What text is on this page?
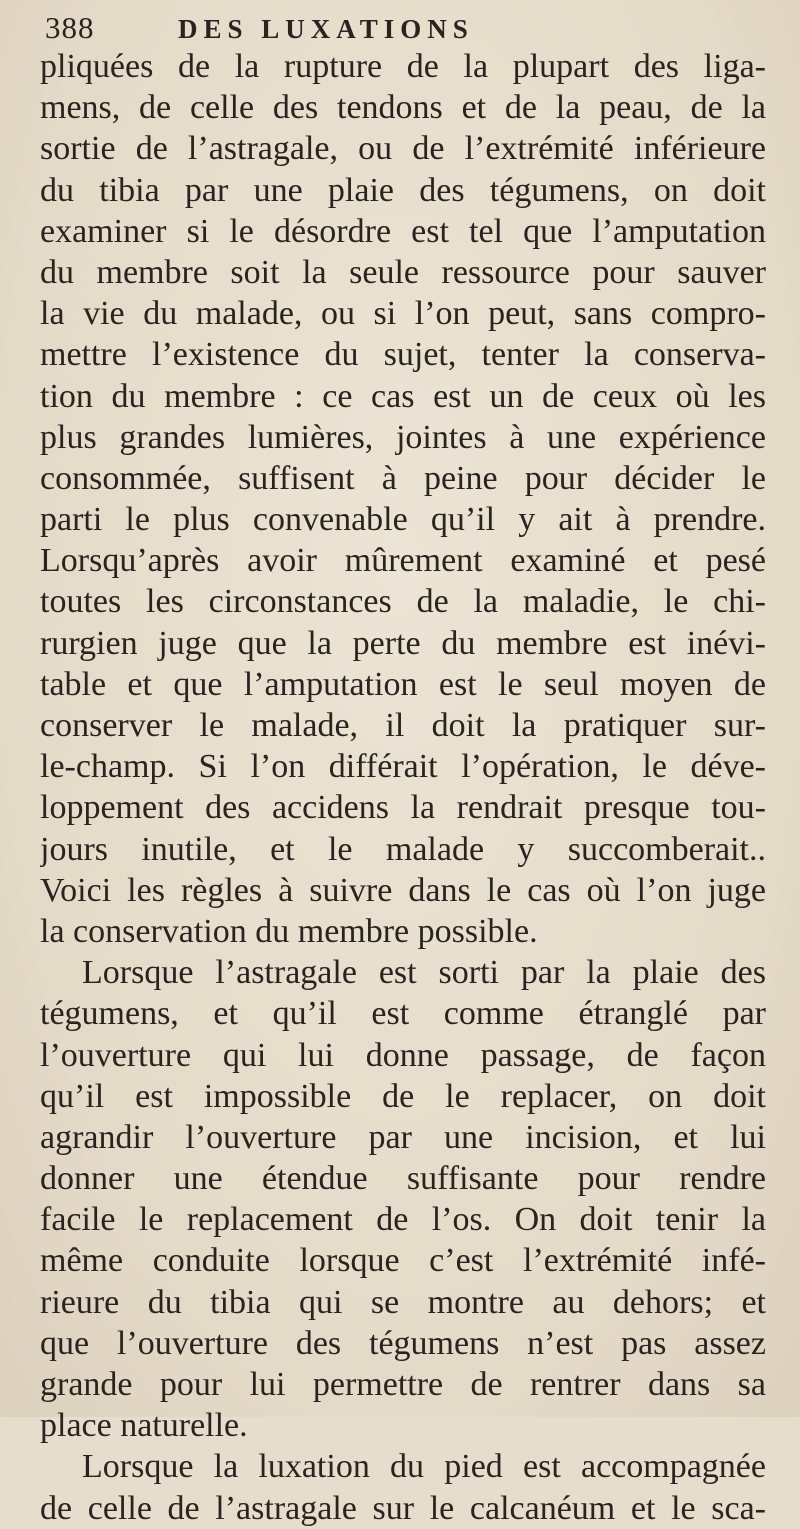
388	DES LUXATIONS
pliquées de la rupture de la plupart des liga-
mens, de celle des tendons et de la peau, de la
sortie de l’astragale, ou de l’extrémité inférieure
du tibia par une plaie des tégumens, on doit
examiner si le désordre est tel que l’amputation
du membre soit la seule ressource pour sauver
la vie du malade, ou si l’on peut, sans compro-
mettre l’existence du sujet, tenter la conserva-
tion du membre : ce cas est un de ceux où les
plus grandes lumières, jointes à une expérience
consommée, suffisent à peine pour décider le
parti le plus convenable qu’il y ait à prendre.
Lorsqu’après avoir mûrement examiné et pesé
toutes les circonstances de la maladie, le chi-
rurgien juge que la perte du membre est inévi-
table et que l’amputation est le seul moyen de
conserver le malade, il doit la pratiquer sur-
le-champ. Si l’on différait l’opération, le déve-
loppement des accidens la rendrait presque tou-
jours inutile, et le malade y succomberait..
Voici les règles à suivre dans le cas où l’on juge
la conservation du membre possible.
Lorsque l’astragale est sorti par la plaie des
tégumens, et qu’il est comme étranglé par
l’ouverture qui lui donne passage, de façon
qu’il est impossible de le replacer, on doit
agrandir l’ouverture par une incision, et lui
donner une étendue suffisante pour rendre
facile le replacement de l’os. On doit tenir la
même conduite lorsque c’est l’extrémité infé-
rieure du tibia qui se montre au dehors; et
que l’ouverture des tégumens n’est pas assez
grande pour lui permettre de rentrer dans sa
place naturelle.
Lorsque la luxation du pied est accompagnée
de celle de l’astragale sur le calcanéum et le sca-
